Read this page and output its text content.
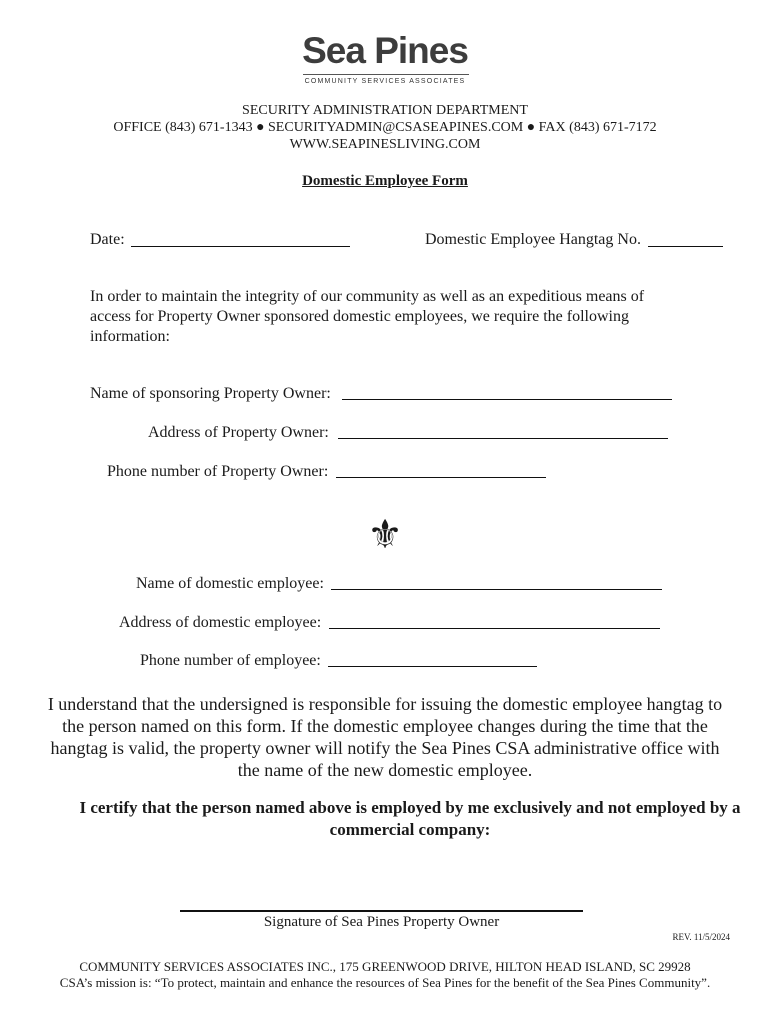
Sea Pines
COMMUNITY SERVICES ASSOCIATES
SECURITY ADMINISTRATION DEPARTMENT
OFFICE (843) 671-1343 ● SECURITYADMIN@CSASEAPINES.COM ● FAX (843) 671-7172
WWW.SEAPINESLIVING.COM
Domestic Employee Form
Date:	Domestic Employee Hangtag No.
In order to maintain the integrity of our community as well as an expeditious means of access for Property Owner sponsored domestic employees, we require the following information:
Name of sponsoring Property Owner:
Address of Property Owner:
Phone number of Property Owner:
⚜
Name of domestic employee:
Address of domestic employee:
Phone number of employee:
I understand that the undersigned is responsible for issuing the domestic employee hangtag to the person named on this form. If the domestic employee changes during the time that the hangtag is valid, the property owner will notify the Sea Pines CSA administrative office with the name of the new domestic employee.
I certify that the person named above is employed by me exclusively and not employed by a commercial company:
Signature of Sea Pines Property Owner
REV. 11/5/2024
COMMUNITY SERVICES ASSOCIATES INC., 175 GREENWOOD DRIVE, HILTON HEAD ISLAND, SC 29928
CSA’s mission is: “To protect, maintain and enhance the resources of Sea Pines for the benefit of the Sea Pines Community”.
